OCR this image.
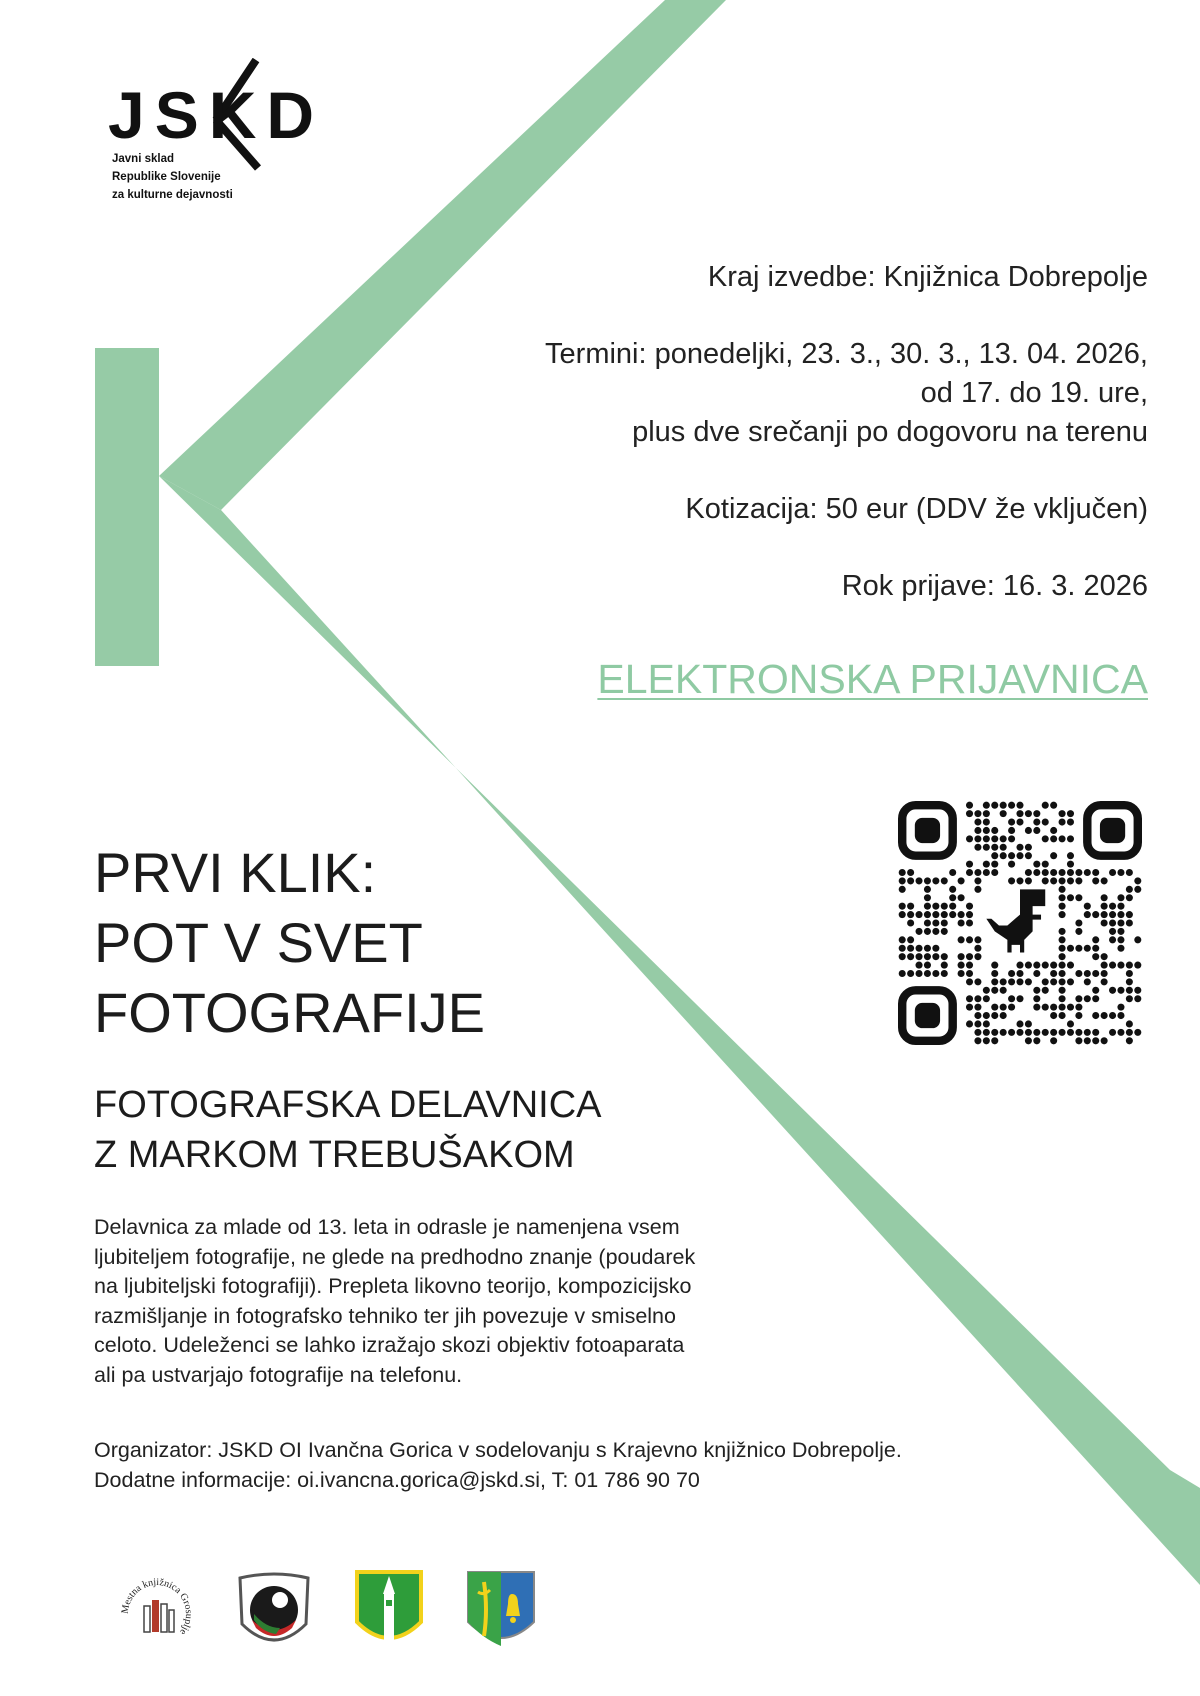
JSKD
Javni sklad
Republike Slovenije
za kulturne dejavnosti
Kraj izvedbe: Knjižnica Dobrepolje
Termini: ponedeljki, 23. 3., 30. 3., 13. 04. 2026,
od 17. do 19. ure,
plus dve srečanji po dogovoru na terenu
Kotizacija: 50 eur (DDV že vključen)
Rok prijave: 16. 3. 2026
ELEKTRONSKA PRIJAVNICA
PRVI KLIK:
POT V SVET
FOTOGRAFIJE
FOTOGRAFSKA DELAVNICA
Z MARKOM TREBUŠAKOM
Delavnica za mlade od 13. leta in odrasle je namenjena vsem
ljubiteljem fotografije, ne glede na predhodno znanje (poudarek
na ljubiteljski fotografiji). Prepleta likovno teorijo, kompozicijsko
razmišljanje in fotografsko tehniko ter jih povezuje v smiselno
celoto. Udeleženci se lahko izražajo skozi objektiv fotoaparata
ali pa ustvarjajo fotografije na telefonu.
Organizator: JSKD OI Ivančna Gorica v sodelovanju s Krajevno knjižnico Dobrepolje.
Dodatne informacije: oi.ivancna.gorica@jskd.si, T: 01 786 90 70
Mestna knjižnica Grosuplje
